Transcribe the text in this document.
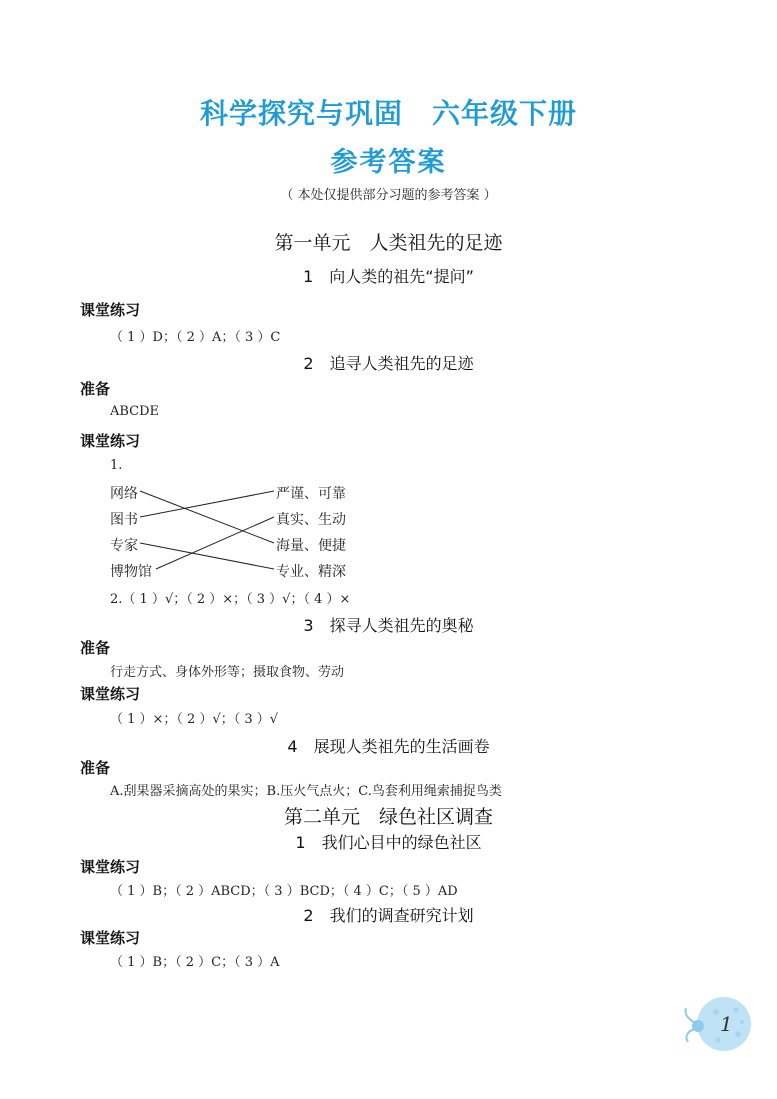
科学探究与巩固　六年级下册
参考答案
（ 本处仅提供部分习题的参考答案 ）
第一单元　人类祖先的足迹
1　向人类的祖先“提问”
课堂练习
（ 1 ）D；（ 2 ）A；（ 3 ）C
2　追寻人类祖先的足迹
准备
ABCDE
课堂练习
1.
网络
图书
专家
博物馆
严谨、可靠
真实、生动
海量、便捷
专业、精深
2.（ 1 ）√；（ 2 ）×；（ 3 ）√；（ 4 ）×
3　探寻人类祖先的奥秘
准备
行走方式、身体外形等；摄取食物、劳动
课堂练习
（ 1 ）×；（ 2 ）√；（ 3 ）√
4　展现人类祖先的生活画卷
准备
A.刮果器采摘高处的果实；B.压火气点火；C.鸟套利用绳索捕捉鸟类
第二单元　绿色社区调查
1　我们心目中的绿色社区
课堂练习
（ 1 ）B；（ 2 ）ABCD；（ 3 ）BCD；（ 4 ）C；（ 5 ）AD
2　我们的调查研究计划
课堂练习
（ 1 ）B；（ 2 ）C；（ 3 ）A
1
